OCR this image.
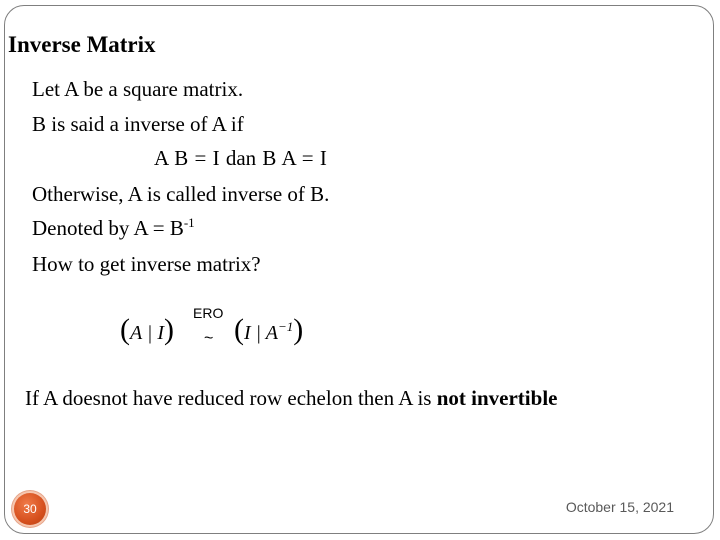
Inverse Matrix
Let A be a square matrix.
B is said a inverse of A if
A B = I dan B A = I
Otherwise, A is called inverse of B.
Denoted by $A = B^{-1}$
How to get inverse matrix?
(A | I) ERO
~ (I | $A^{-1}$)
If A doesnot have reduced row echelon then A is not invertible
30	October 15, 2021
